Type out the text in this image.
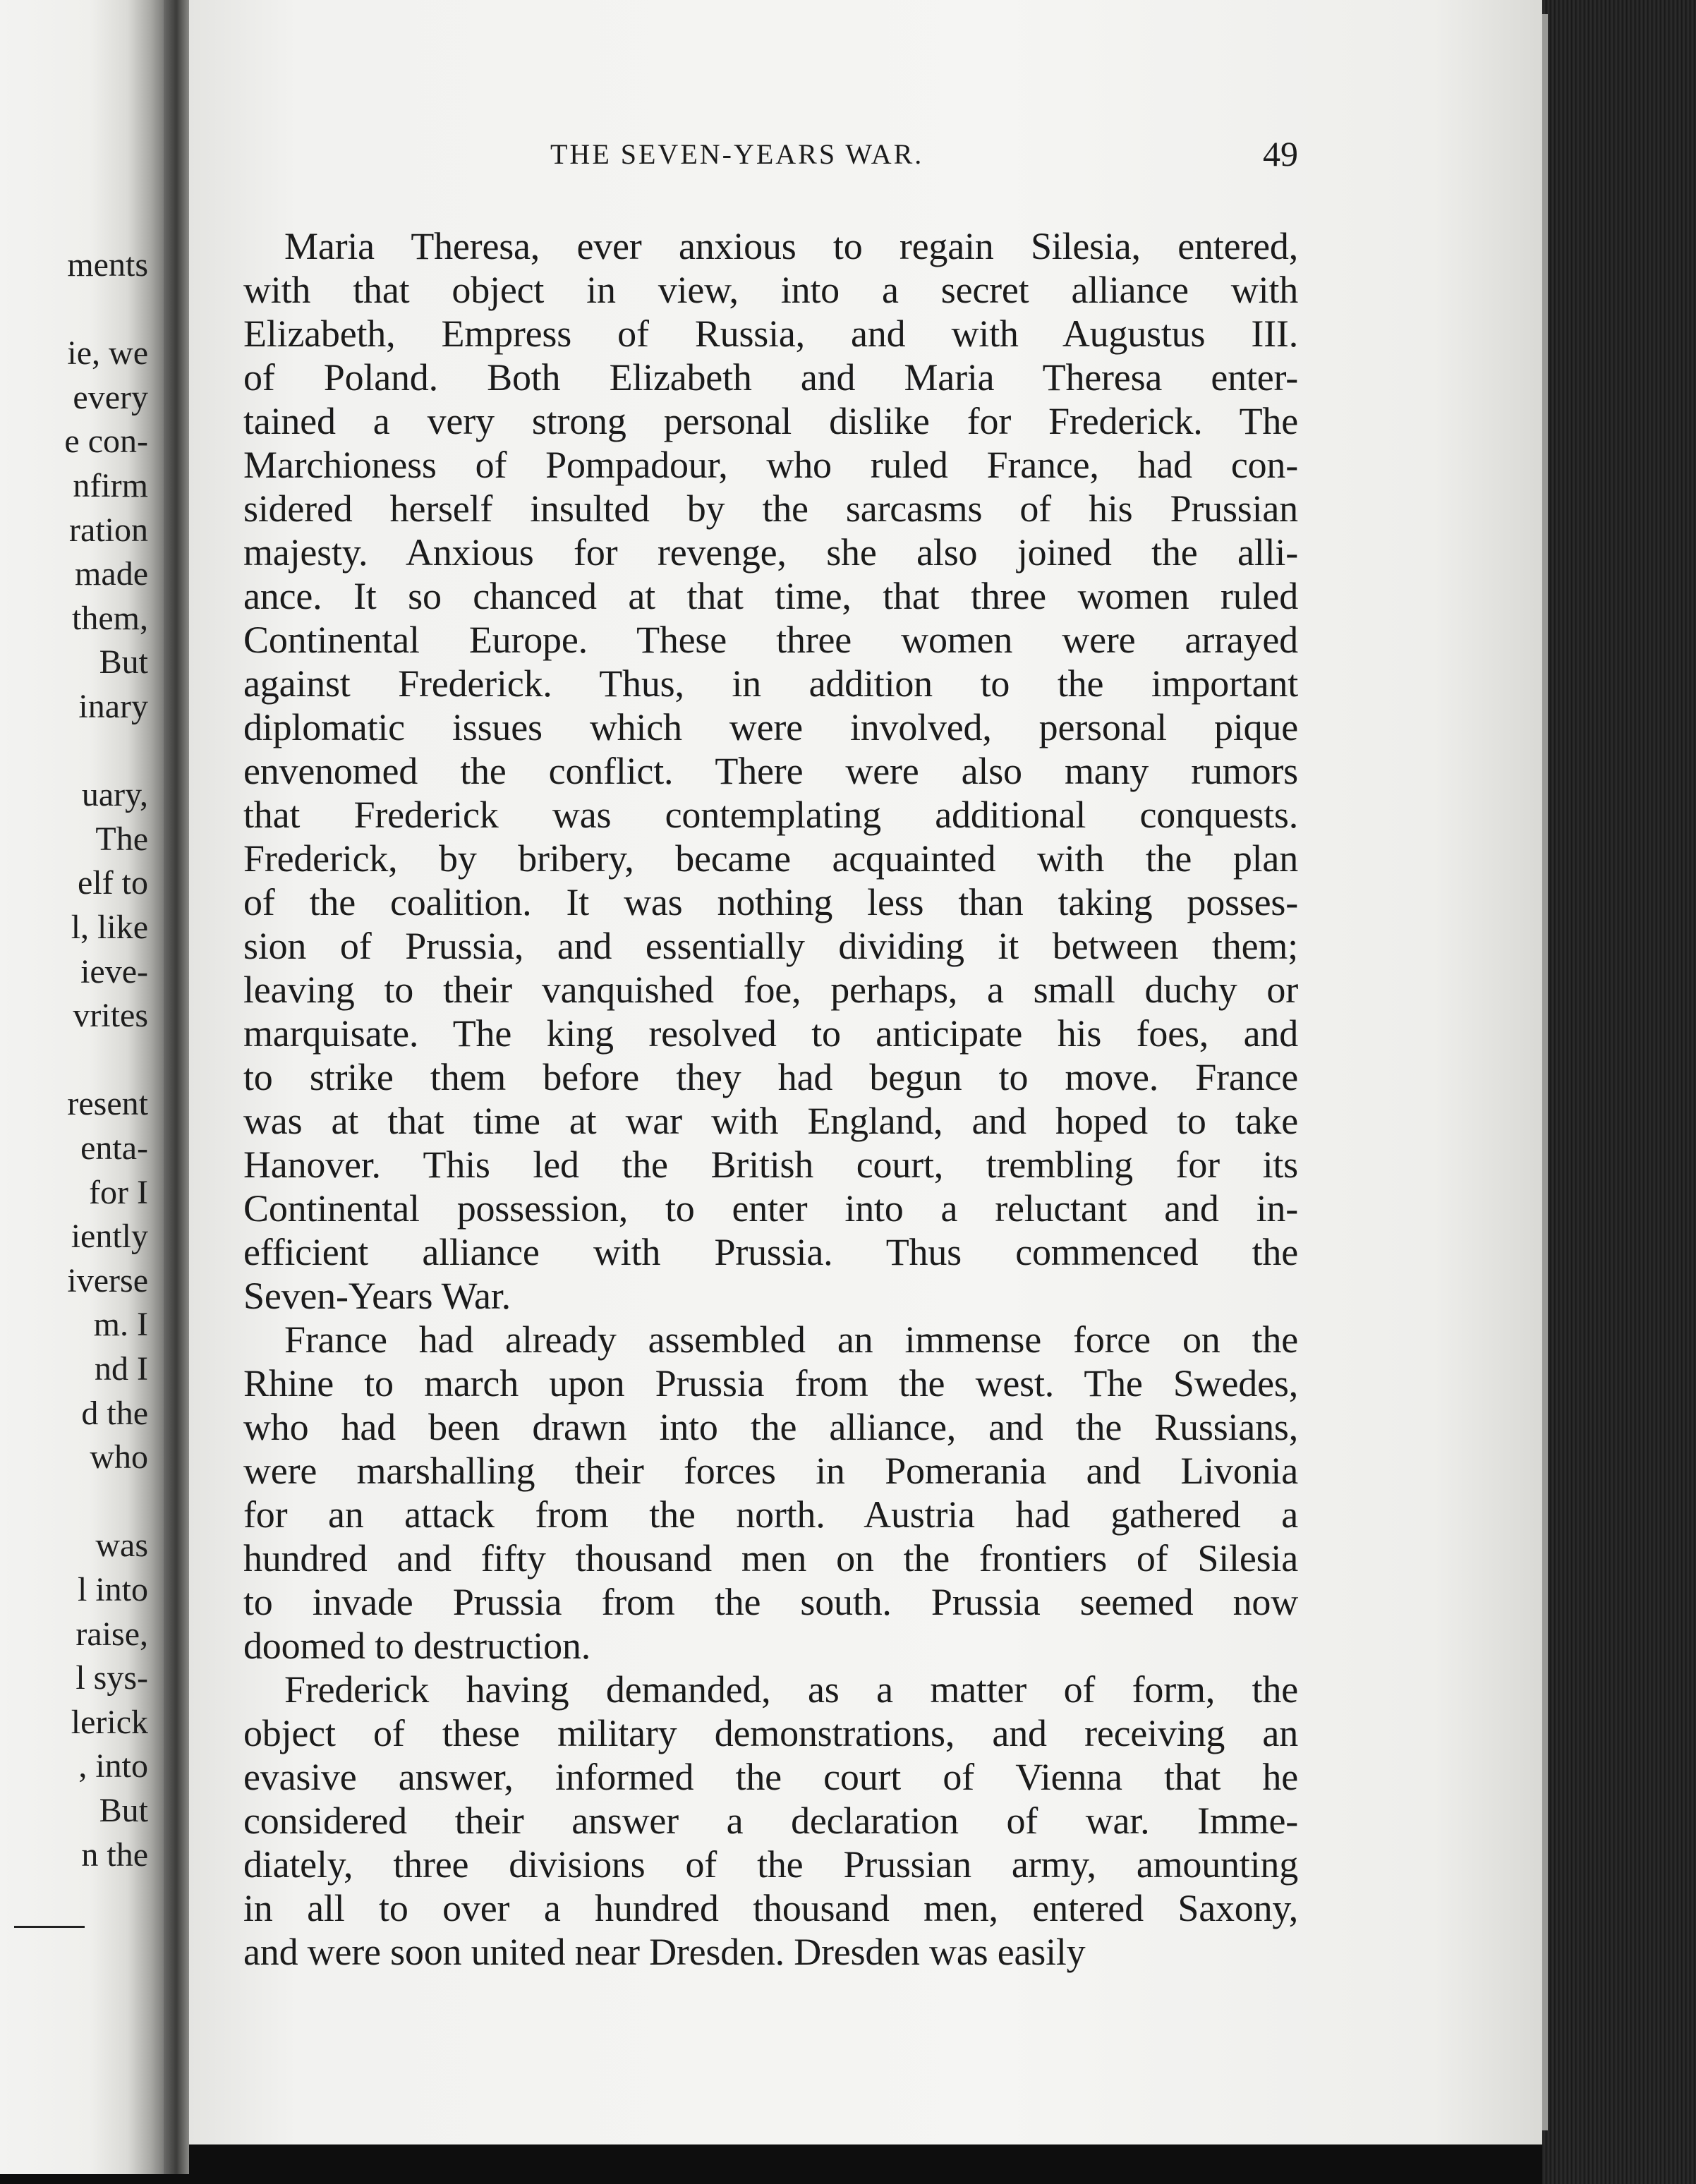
ments
ie, we
every
e con-
nfirm
ration
made
them,
But
inary
uary,
The
elf to
l, like
ieve-
vrites
resent
enta-
for I
iently
iverse
m. I
nd I
d the
who
was
l into
raise,
l sys-
lerick
, into
But
n the
THE SEVEN-YEARS WAR.	49
Maria Theresa, ever anxious to regain Silesia, entered,
with that object in view, into a secret alliance with
Elizabeth, Empress of Russia, and with Augustus III.
of Poland. Both Elizabeth and Maria Theresa enter-
tained a very strong personal dislike for Frederick. The
Marchioness of Pompadour, who ruled France, had con-
sidered herself insulted by the sarcasms of his Prussian
majesty. Anxious for revenge, she also joined the alli-
ance. It so chanced at that time, that three women ruled
Continental Europe. These three women were arrayed
against Frederick. Thus, in addition to the important
diplomatic issues which were involved, personal pique
envenomed the conflict. There were also many rumors
that Frederick was contemplating additional conquests.
Frederick, by bribery, became acquainted with the plan
of the coalition. It was nothing less than taking posses-
sion of Prussia, and essentially dividing it between them;
leaving to their vanquished foe, perhaps, a small duchy or
marquisate. The king resolved to anticipate his foes, and
to strike them before they had begun to move. France
was at that time at war with England, and hoped to take
Hanover. This led the British court, trembling for its
Continental possession, to enter into a reluctant and in-
efficient alliance with Prussia. Thus commenced the
Seven-Years War.
France had already assembled an immense force on the
Rhine to march upon Prussia from the west. The Swedes,
who had been drawn into the alliance, and the Russians,
were marshalling their forces in Pomerania and Livonia
for an attack from the north. Austria had gathered a
hundred and fifty thousand men on the frontiers of Silesia
to invade Prussia from the south. Prussia seemed now
doomed to destruction.
Frederick having demanded, as a matter of form, the
object of these military demonstrations, and receiving an
evasive answer, informed the court of Vienna that he
considered their answer a declaration of war. Imme-
diately, three divisions of the Prussian army, amounting
in all to over a hundred thousand men, entered Saxony,
and were soon united near Dresden. Dresden was easily
